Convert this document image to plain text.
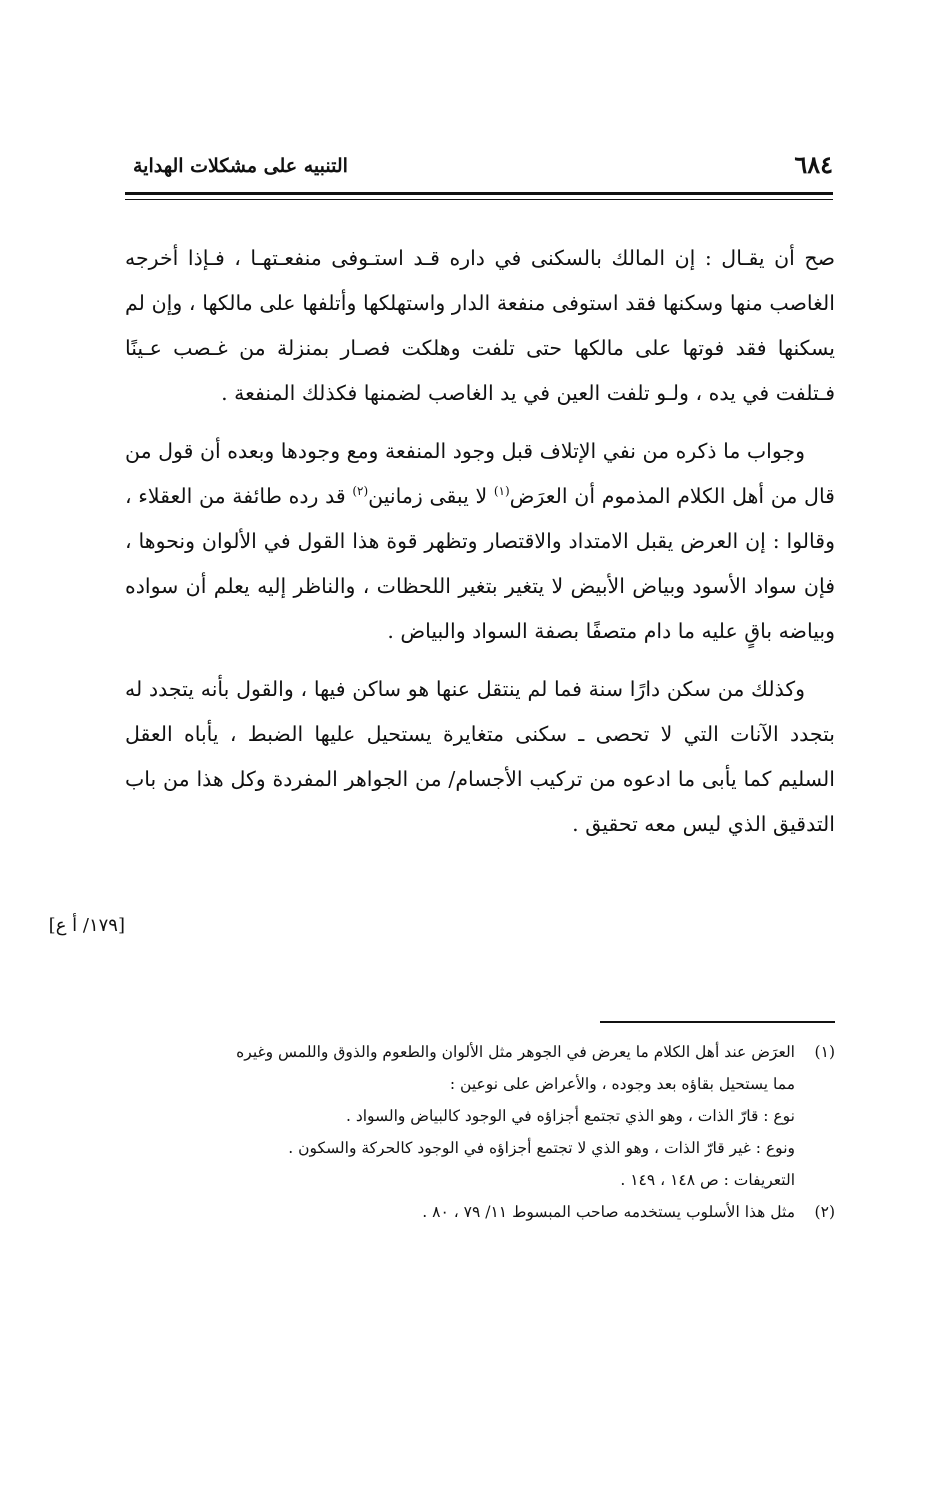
٦٨٤
التنبيه على مشكلات الهداية

صح أن يقـال : إن المالك بالسكنى في داره قـد استـوفى منفعـتهـا ، فـإذا أخرجه الغاصب منها وسكنها فقد استوفى منفعة الدار واستهلكها وأتلفها على مالكها ، وإن لم يسكنها فقد فوتها على مالكها حتى تلفت وهلكت فصـار بمنزلة من غـصب عـينًا فـتلفت في يده ، ولـو تلفت العين في يد الغاصب لضمنها فكذلك المنفعة .

وجواب ما ذكره من نفي الإتلاف قبل وجود المنفعة ومع وجودها وبعده أن قول من قال من أهل الكلام المذموم أن العرَض$^{(١)}$ لا يبقى زمانين$^{(٢)}$ قد رده طائفة من العقلاء ، وقالوا : إن العرض يقبل الامتداد والاقتصار وتظهر قوة هذا القول في الألوان ونحوها ، فإن سواد الأسود وبياض الأبيض لا يتغير بتغير اللحظات ، والناظر إليه يعلم أن سواده وبياضه باقٍ عليه ما دام متصفًا بصفة السواد والبياض .

وكذلك من سكن دارًا سنة فما لم ينتقل عنها هو ساكن فيها ، والقول بأنه يتجدد له بتجدد الآنات التي لا تحصى ـ سكنى متغايرة يستحيل عليها الضبط ، يأباه العقل السليم كما يأبى ما ادعوه من تركيب الأجسام/ من الجواهر المفردة وكل هذا من باب التدقيق الذي ليس معه تحقيق .

[١٧٩/ أ ع]
(١)
العرَض عند أهل الكلام ما يعرض في الجوهر مثل الألوان والطعوم والذوق واللمس وغيره
مما يستحيل بقاؤه بعد وجوده ، والأعراض على نوعين :
نوع : قارّ الذات ، وهو الذي تجتمع أجزاؤه في الوجود كالبياض والسواد .
ونوع : غير قارّ الذات ، وهو الذي لا تجتمع أجزاؤه في الوجود كالحركة والسكون .
التعريفات : ص ١٤٨ ، ١٤٩ .
(٢)
مثل هذا الأسلوب يستخدمه صاحب المبسوط ١١/ ٧٩ ، ٨٠ .
